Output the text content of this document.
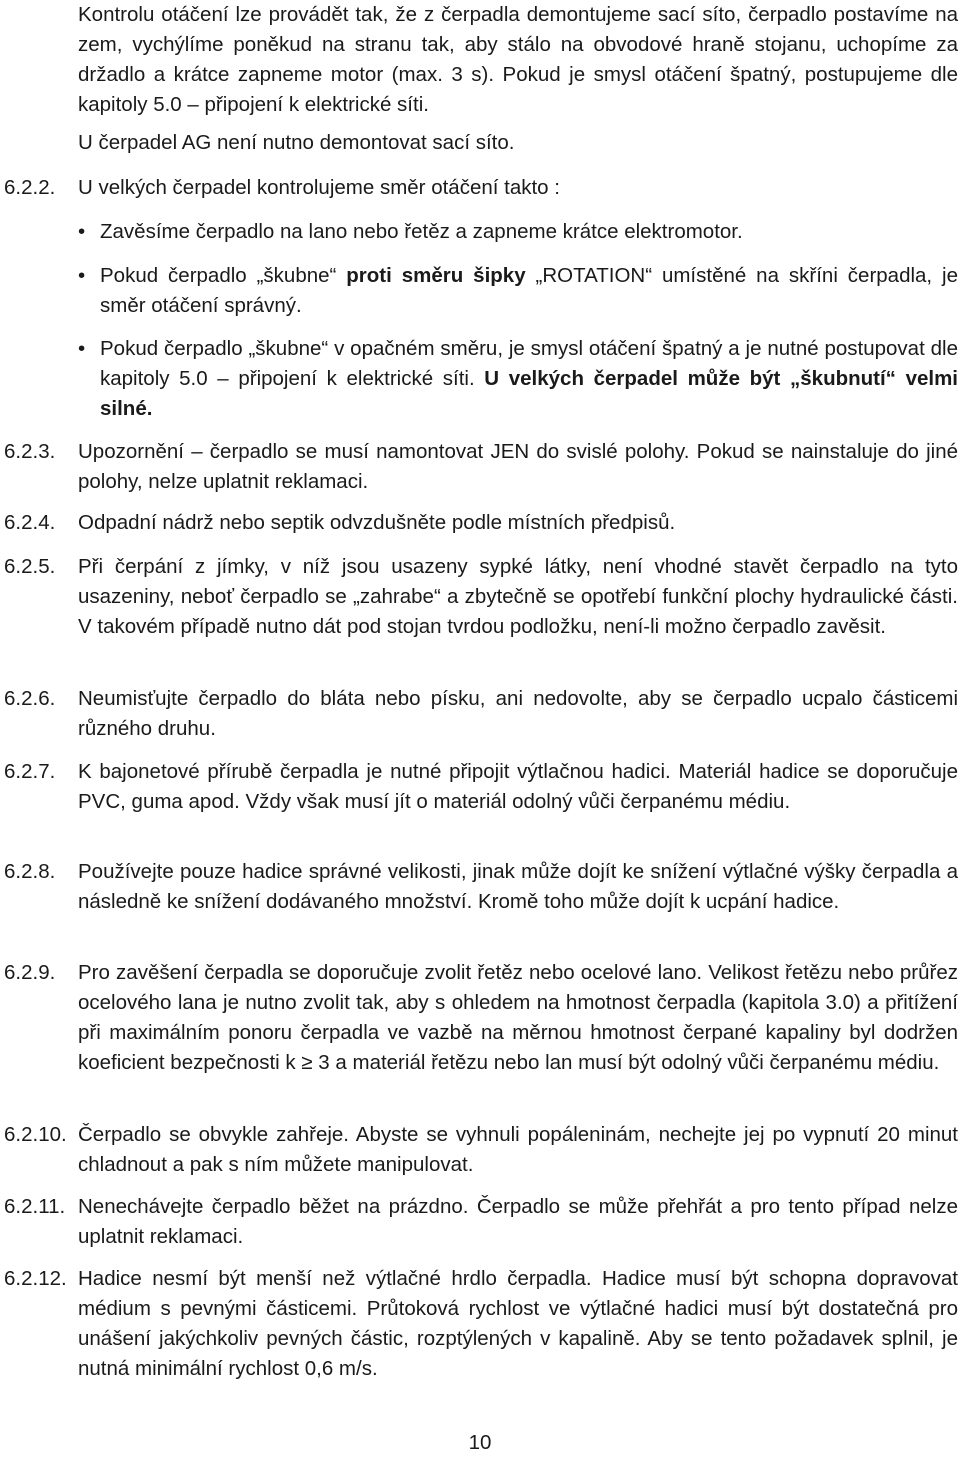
Kontrolu otáčení lze provádět tak, že z čerpadla demontujeme sací síto, čerpadlo postavíme na zem, vychýlíme poněkud na stranu tak, aby stálo na obvodové hraně stojanu, uchopíme za držadlo a krátce zapneme motor (max. 3 s). Pokud je smysl otáčení špatný, postupujeme dle kapitoly 5.0 – připojení k elektrické síti.
U čerpadel AG není nutno demontovat sací síto.
6.2.2. U velkých čerpadel kontrolujeme směr otáčení takto :
• Zavěsíme čerpadlo na lano nebo řetěz a zapneme krátce elektromotor.
• Pokud čerpadlo „škubne“ proti směru šipky „ROTATION“ umístěné na skříni čerpadla, je směr otáčení správný.
• Pokud čerpadlo „škubne“ v opačném směru, je smysl otáčení špatný a je nutné postupovat dle kapitoly 5.0 – připojení k elektrické síti. U velkých čerpadel může být „škubnutí“ velmi silné.
6.2.3. Upozornění – čerpadlo se musí namontovat JEN do svislé polohy. Pokud se nainstaluje do jiné polohy, nelze uplatnit reklamaci.
6.2.4. Odpadní nádrž nebo septik odvzdušněte podle místních předpisů.
6.2.5. Při čerpání z jímky, v níž jsou usazeny sypké látky, není vhodné stavět čerpadlo na tyto usazeniny, neboť čerpadlo se „zahrabe“ a zbytečně se opotřebí funkční plochy hydraulické části. V takovém případě nutno dát pod stojan tvrdou podložku, není-li možno čerpadlo zavěsit.
6.2.6. Neumisťujte čerpadlo do bláta nebo písku, ani nedovolte, aby se čerpadlo ucpalo částicemi různého druhu.
6.2.7. K bajonetové přírubě čerpadla je nutné připojit výtlačnou hadici. Materiál hadice se doporučuje PVC, guma apod. Vždy však musí jít o materiál odolný vůči čerpanému médiu.
6.2.8. Používejte pouze hadice správné velikosti, jinak může dojít ke snížení výtlačné výšky čerpadla a následně ke snížení dodávaného množství. Kromě toho může dojít k ucpání hadice.
6.2.9. Pro zavěšení čerpadla se doporučuje zvolit řetěz nebo ocelové lano. Velikost řetězu nebo průřez ocelového lana je nutno zvolit tak, aby s ohledem na hmotnost čerpadla (kapitola 3.0) a přitížení při maximálním ponoru čerpadla ve vazbě na měrnou hmotnost čerpané kapaliny byl dodržen koeficient bezpečnosti k ≥ 3 a materiál řetězu nebo lan musí být odolný vůči čerpanému médiu.
6.2.10. Čerpadlo se obvykle zahřeje. Abyste se vyhnuli popáleninám, nechejte jej po vypnutí 20 minut chladnout a pak s ním můžete manipulovat.
6.2.11. Nenechávejte čerpadlo běžet na prázdno. Čerpadlo se může přehřát a pro tento případ nelze uplatnit reklamaci.
6.2.12. Hadice nesmí být menší než výtlačné hrdlo čerpadla. Hadice musí být schopna dopravovat médium s pevnými částicemi. Průtoková rychlost ve výtlačné hadici musí být dostatečná pro unášení jakýchkoliv pevných částic, rozptýlených v kapalině. Aby se tento požadavek splnil, je nutná minimální rychlost 0,6 m/s.
10
